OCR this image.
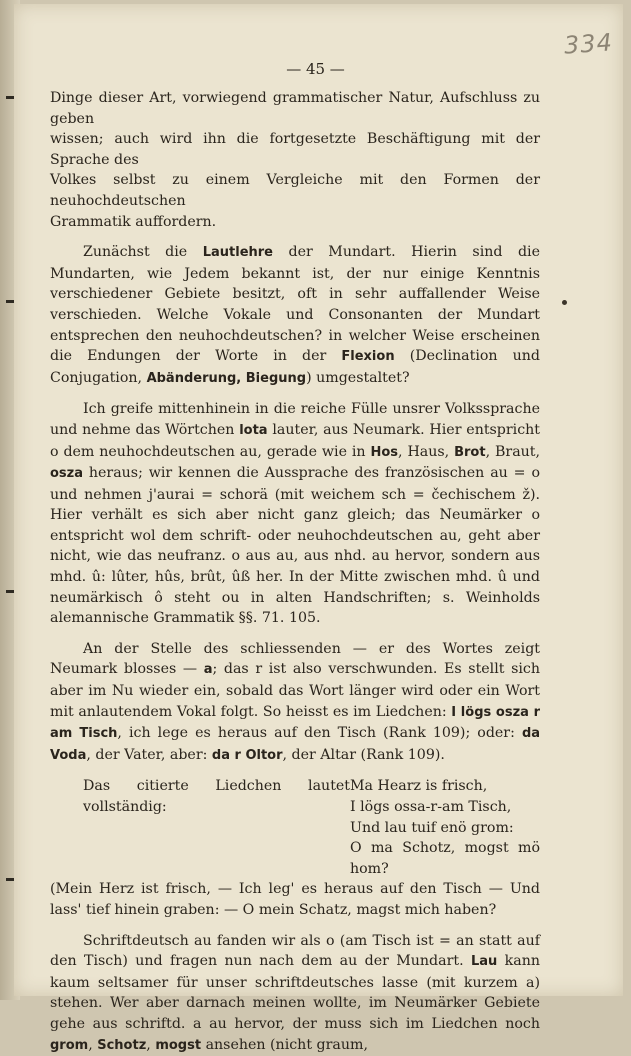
334
— 45 —

Dinge dieser Art, vorwiegend grammatischer Natur, Aufschluss zu geben
wissen; auch wird ihn die fortgesetzte Beschäftigung mit der Sprache des
Volkes selbst zu einem Vergleiche mit den Formen der neuhochdeutschen
Grammatik auffordern.

Zunächst die Lautlehre der Mundart. Hierin sind die Mundarten, wie Jedem bekannt ist, der nur einige Kenntnis verschiedener Gebiete besitzt, oft in sehr auffallender Weise verschieden. Welche Vokale und Consonanten der Mundart entsprechen den neuhochdeutschen? in welcher Weise erscheinen die Endungen der Worte in der Flexion (Declination und Conjugation, Abänderung, Biegung) umgestaltet?

Ich greife mittenhinein in die reiche Fülle unsrer Volkssprache und nehme das Wörtchen lota lauter, aus Neumark. Hier entspricht o dem neuhochdeutschen au, gerade wie in Hos, Haus, Brot, Braut, osza heraus; wir kennen die Aussprache des französischen au = o und nehmen j'aurai = schorä (mit weichem sch = čechischem ž). Hier verhält es sich aber nicht ganz gleich; das Neumärker o entspricht wol dem schrift- oder neuhochdeutschen au, geht aber nicht, wie das neufranz. o aus au, aus nhd. au hervor, sondern aus mhd. û: lûter, hûs, brût, ûß her. In der Mitte zwischen mhd. û und neumärkisch ô steht ou in alten Handschriften; s. Weinholds alemannische Grammatik §§. 71. 105.

An der Stelle des schliessenden — er des Wortes zeigt Neumark blosses — a; das r ist also verschwunden. Es stellt sich aber im Nu wieder ein, sobald das Wort länger wird oder ein Wort mit anlautendem Vokal folgt. So heisst es im Liedchen: I lögs osza r am Tisch, ich lege es heraus auf den Tisch (Rank 109); oder: da Voda, der Vater, aber: da r Oltor, der Altar (Rank 109).

Das citierte Liedchen lautet vollständig:
Ma Hearz is frisch,
I lögs ossa-r-am Tisch,
Und lau tuif enö grom:
O ma Schotz, mogst mö hom?

(Mein Herz ist frisch, — Ich leg' es heraus auf den Tisch — Und lass' tief hinein graben: — O mein Schatz, magst mich haben?

Schriftdeutsch au fanden wir als o (am Tisch ist = an statt auf den Tisch) und fragen nun nach dem au der Mundart. Lau kann kaum seltsamer für unser schriftdeutsches lasse (mit kurzem a) stehen. Wer aber darnach meinen wollte, im Neumärker Gebiete gehe aus schriftd. a au hervor, der muss sich im Liedchen noch grom, Schotz, mogst ansehen (nicht graum,
